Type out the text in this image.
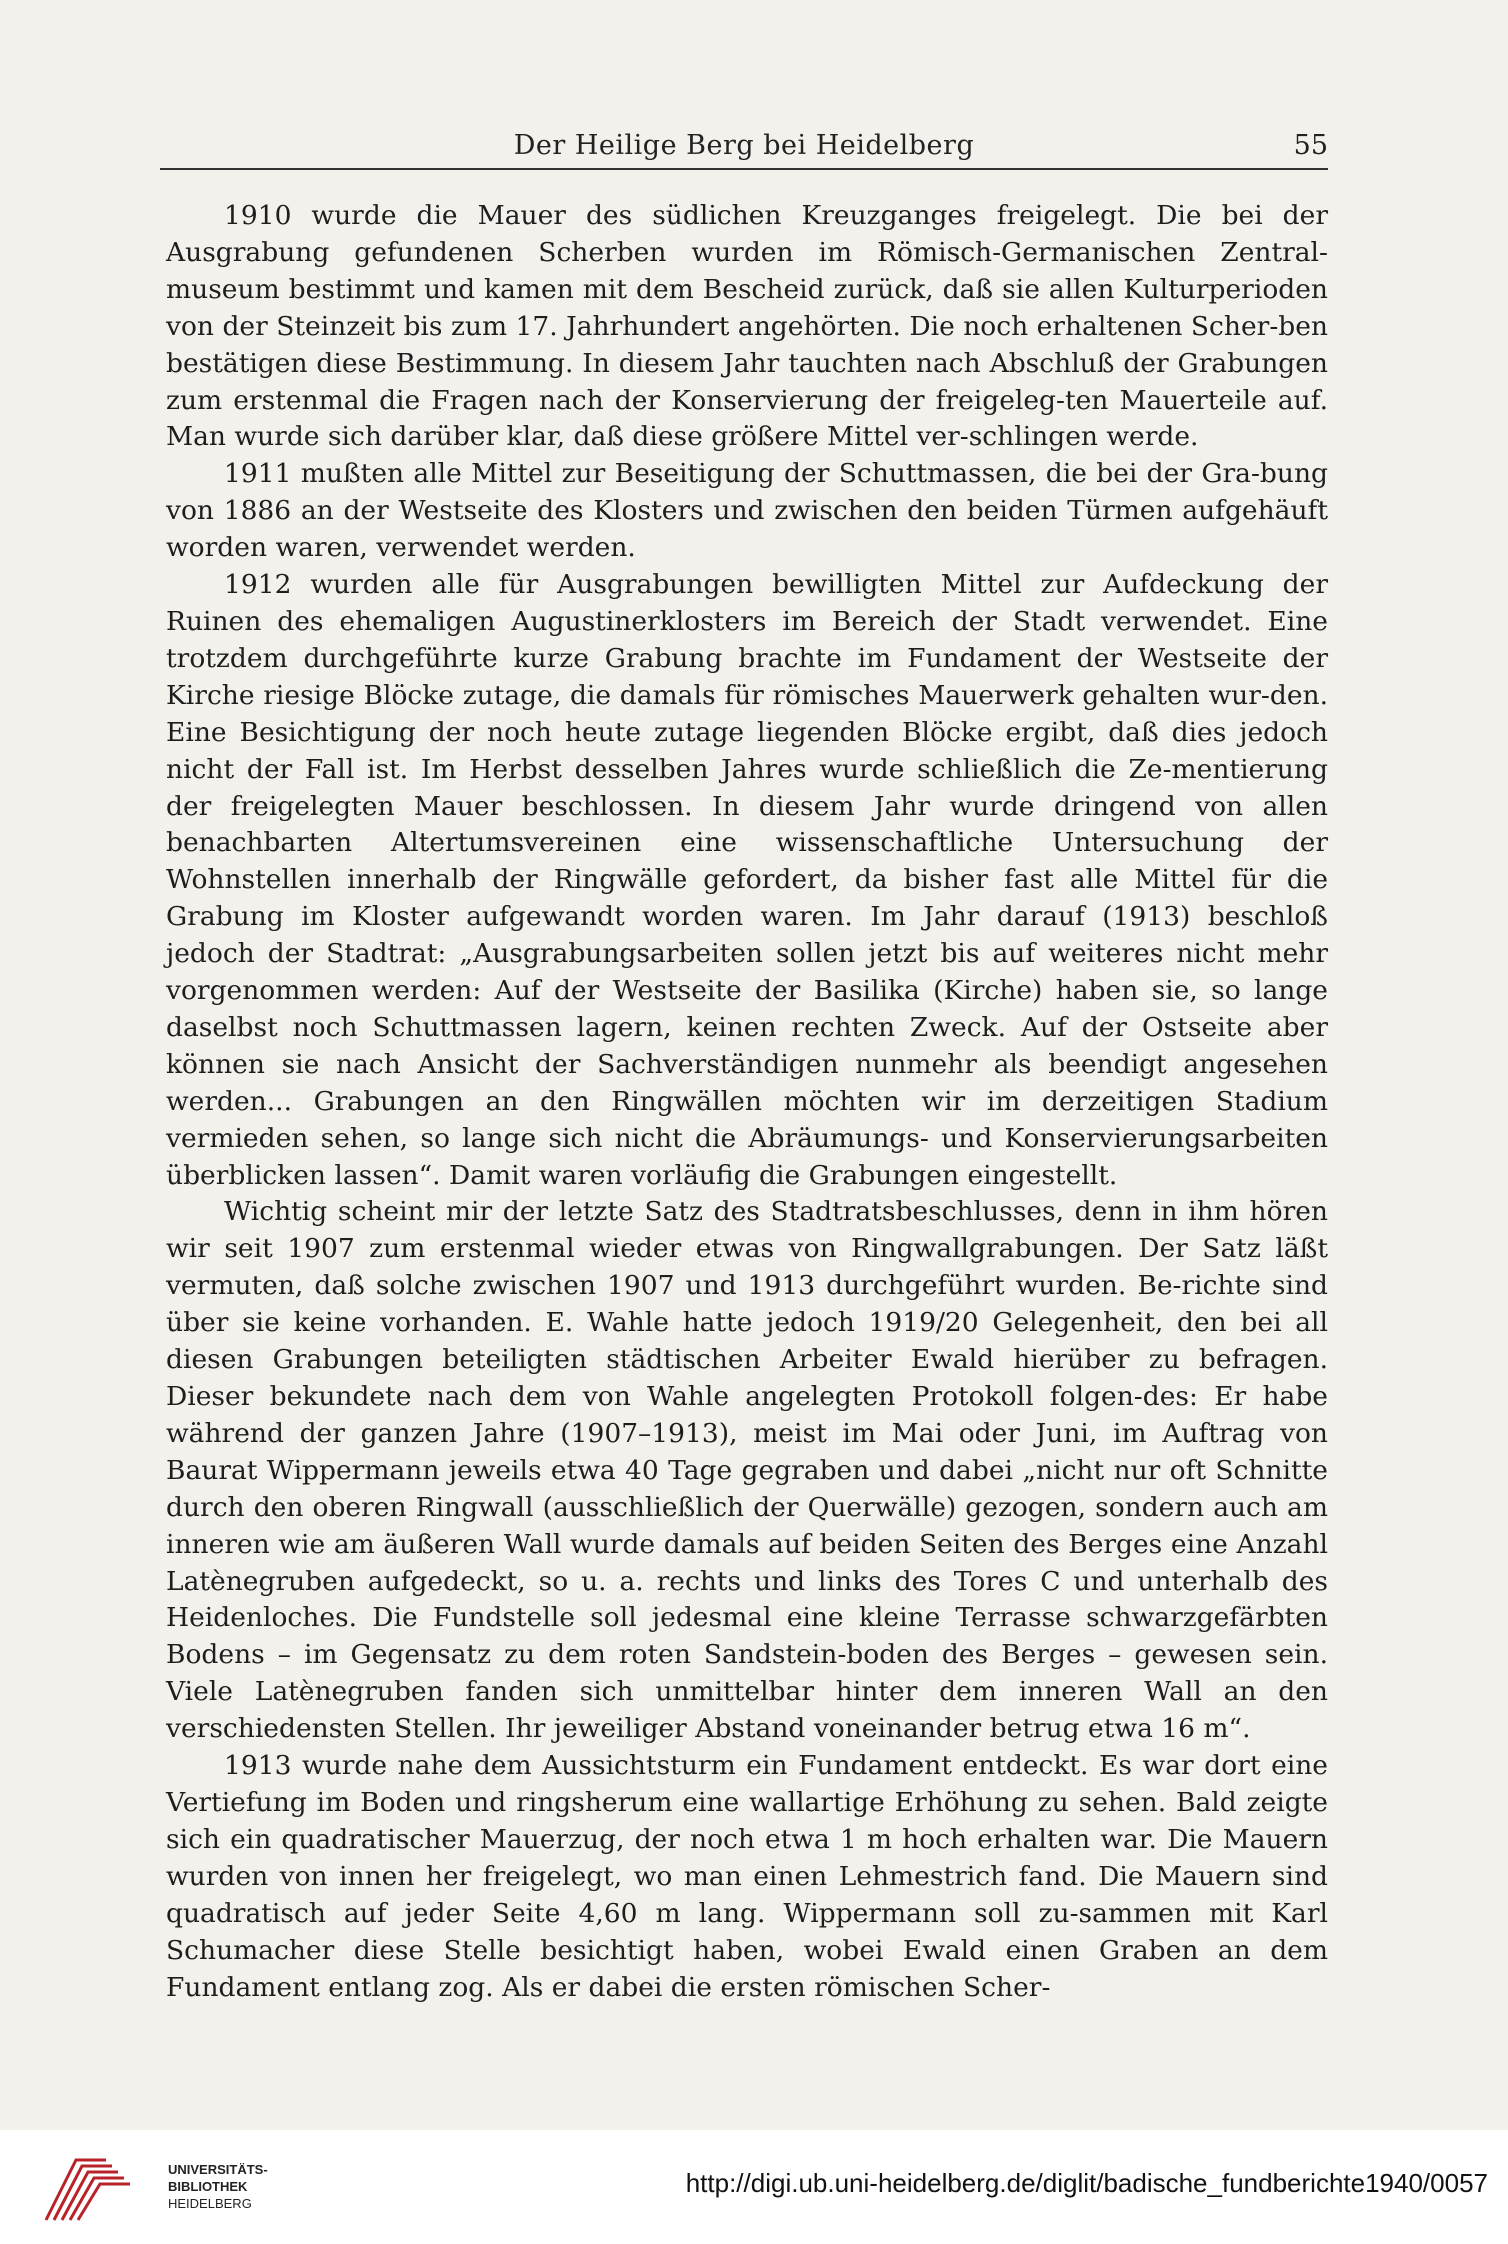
Der Heilige Berg bei Heidelberg	55

1910 wurde die Mauer des südlichen Kreuzganges freigelegt. Die bei der Ausgrabung gefundenen Scherben wurden im Römisch-Germanischen Zentral-museum bestimmt und kamen mit dem Bescheid zurück, daß sie allen Kulturperioden von der Steinzeit bis zum 17. Jahrhundert angehörten. Die noch erhaltenen Scher-ben bestätigen diese Bestimmung. In diesem Jahr tauchten nach Abschluß der Grabungen zum erstenmal die Fragen nach der Konservierung der freigeleg-ten Mauerteile auf. Man wurde sich darüber klar, daß diese größere Mittel ver-schlingen werde.

1911 mußten alle Mittel zur Beseitigung der Schuttmassen, die bei der Gra-bung von 1886 an der Westseite des Klosters und zwischen den beiden Türmen aufgehäuft worden waren, verwendet werden.

1912 wurden alle für Ausgrabungen bewilligten Mittel zur Aufdeckung der Ruinen des ehemaligen Augustinerklosters im Bereich der Stadt verwendet. Eine trotzdem durchgeführte kurze Grabung brachte im Fundament der Westseite der Kirche riesige Blöcke zutage, die damals für römisches Mauerwerk gehalten wur-den. Eine Besichtigung der noch heute zutage liegenden Blöcke ergibt, daß dies jedoch nicht der Fall ist. Im Herbst desselben Jahres wurde schließlich die Ze-mentierung der freigelegten Mauer beschlossen. In diesem Jahr wurde dringend von allen benachbarten Altertumsvereinen eine wissenschaftliche Untersuchung der Wohnstellen innerhalb der Ringwälle gefordert, da bisher fast alle Mittel für die Grabung im Kloster aufgewandt worden waren. Im Jahr darauf (1913) beschloß jedoch der Stadtrat: „Ausgrabungsarbeiten sollen jetzt bis auf weiteres nicht mehr vorgenommen werden: Auf der Westseite der Basilika (Kirche) haben sie, so lange daselbst noch Schuttmassen lagern, keinen rechten Zweck. Auf der Ostseite aber können sie nach Ansicht der Sachverständigen nunmehr als beendigt angesehen werden... Grabungen an den Ringwällen möchten wir im derzeitigen Stadium vermieden sehen, so lange sich nicht die Abräumungs- und Konservierungsarbeiten überblicken lassen“. Damit waren vorläufig die Grabungen eingestellt.

Wichtig scheint mir der letzte Satz des Stadtratsbeschlusses, denn in ihm hören wir seit 1907 zum erstenmal wieder etwas von Ringwallgrabungen. Der Satz läßt vermuten, daß solche zwischen 1907 und 1913 durchgeführt wurden. Be-richte sind über sie keine vorhanden. E. Wahle hatte jedoch 1919/20 Gelegenheit, den bei all diesen Grabungen beteiligten städtischen Arbeiter Ewald hierüber zu befragen. Dieser bekundete nach dem von Wahle angelegten Protokoll folgen-des: Er habe während der ganzen Jahre (1907–1913), meist im Mai oder Juni, im Auftrag von Baurat Wippermann jeweils etwa 40 Tage gegraben und dabei „nicht nur oft Schnitte durch den oberen Ringwall (ausschließlich der Querwälle) gezogen, sondern auch am inneren wie am äußeren Wall wurde damals auf beiden Seiten des Berges eine Anzahl Latènegruben aufgedeckt, so u. a. rechts und links des Tores C und unterhalb des Heidenloches. Die Fundstelle soll jedesmal eine kleine Terrasse schwarzgefärbten Bodens – im Gegensatz zu dem roten Sandstein-boden des Berges – gewesen sein. Viele Latènegruben fanden sich unmittelbar hinter dem inneren Wall an den verschiedensten Stellen. Ihr jeweiliger Abstand voneinander betrug etwa 16 m“.

1913 wurde nahe dem Aussichtsturm ein Fundament entdeckt. Es war dort eine Vertiefung im Boden und ringsherum eine wallartige Erhöhung zu sehen. Bald zeigte sich ein quadratischer Mauerzug, der noch etwa 1 m hoch erhalten war. Die Mauern wurden von innen her freigelegt, wo man einen Lehmestrich fand. Die Mauern sind quadratisch auf jeder Seite 4,60 m lang. Wippermann soll zu-sammen mit Karl Schumacher diese Stelle besichtigt haben, wobei Ewald einen Graben an dem Fundament entlang zog. Als er dabei die ersten römischen Scher-

UNIVERSITÄTS-
BIBLIOTHEK
HEIDELBERG
http://digi.ub.uni-heidelberg.de/diglit/badische_fundberichte1940/0057
